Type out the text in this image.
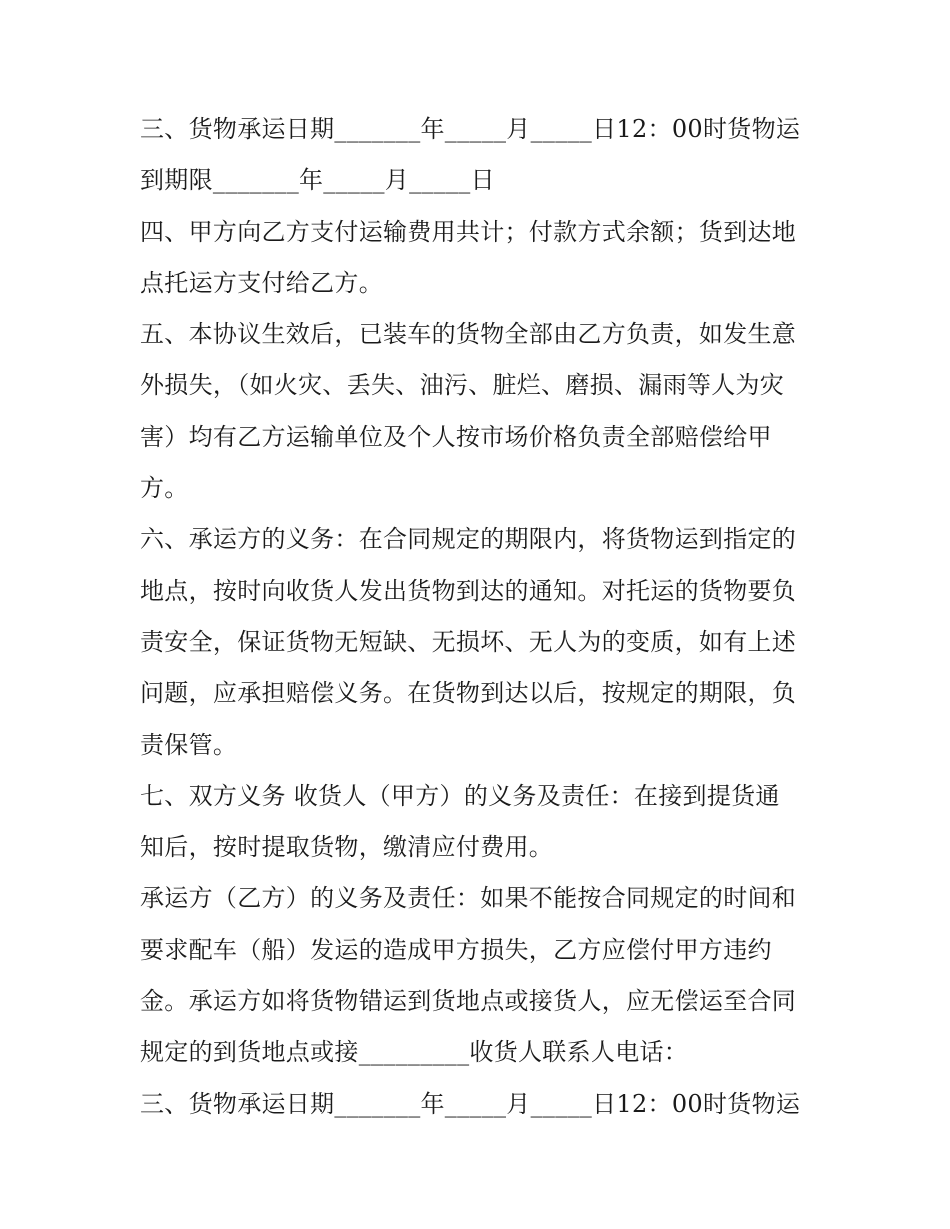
三、货物承运日期_______年_____月_____日12：00时货物运
到期限_______年_____月_____日
四、甲方向乙方支付运输费用共计；付款方式余额；货到达地
点托运方支付给乙方。
五、本协议生效后，已装车的货物全部由乙方负责，如发生意
外损失，（如火灾、丢失、油污、脏烂、磨损、漏雨等人为灾
害）均有乙方运输单位及个人按市场价格负责全部赔偿给甲
方。
六、承运方的义务：在合同规定的期限内，将货物运到指定的
地点，按时向收货人发出货物到达的通知。对托运的货物要负
责安全，保证货物无短缺、无损坏、无人为的变质，如有上述
问题，应承担赔偿义务。在货物到达以后，按规定的期限，负
责保管。
七、双方义务 收货人（甲方）的义务及责任：在接到提货通
知后，按时提取货物，缴清应付费用。
承运方（乙方）的义务及责任：如果不能按合同规定的时间和
要求配车（船）发运的造成甲方损失，乙方应偿付甲方违约
金。承运方如将货物错运到货地点或接货人，应无偿运至合同
规定的到货地点或接_________收货人联系人电话：
三、货物承运日期_______年_____月_____日12：00时货物运
